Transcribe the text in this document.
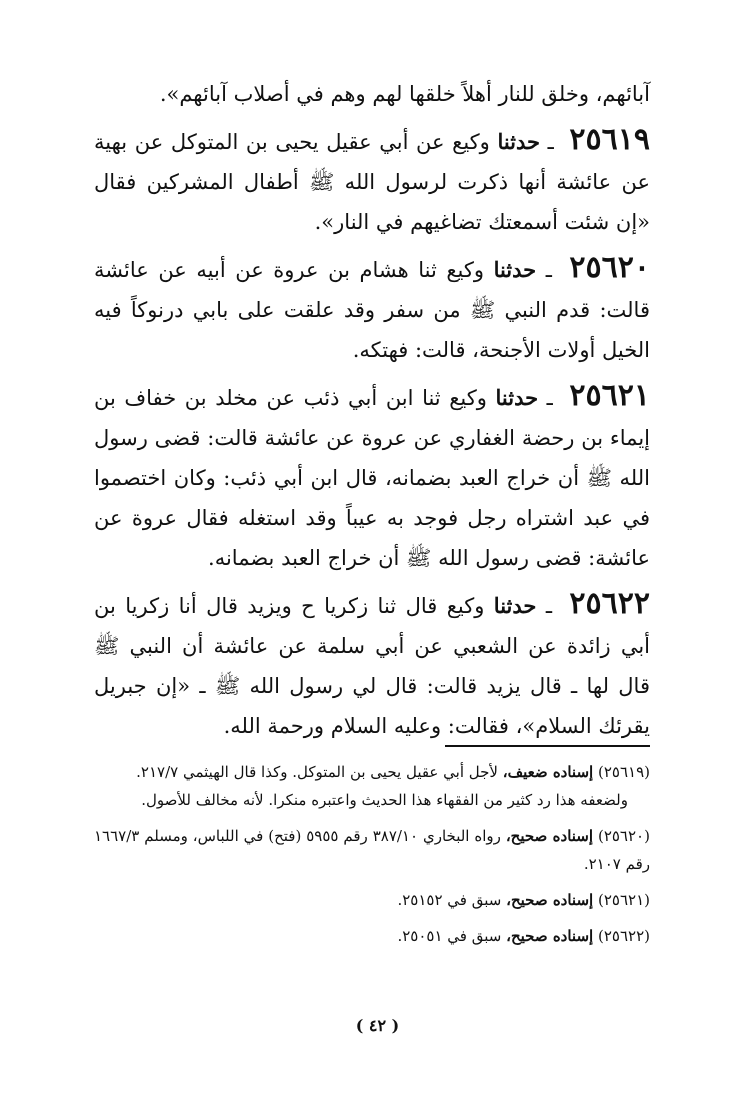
آبائهم، وخلق للنار أهلاً خلقها لهم وهم في أصلاب آبائهم».

٢٥٦١٩ ـ حدثنا وكيع عن أبي عقيل يحيى بن المتوكل عن بهية عن عائشة أنها ذكرت لرسول الله ﷺ أطفال المشركين فقال «إن شئت أسمعتك تضاغيهم في النار».

٢٥٦٢٠ ـ حدثنا وكيع ثنا هشام بن عروة عن أبيه عن عائشة قالت: قدم النبي ﷺ من سفر وقد علقت على بابي درنوكاً فيه الخيل أولات الأجنحة، قالت: فهتكه.

٢٥٦٢١ ـ حدثنا وكيع ثنا ابن أبي ذئب عن مخلد بن خفاف بن إيماء بن رحضة الغفاري عن عروة عن عائشة قالت: قضى رسول الله ﷺ أن خراج العبد بضمانه، قال ابن أبي ذئب: وكان اختصموا في عبد اشتراه رجل فوجد به عيباً وقد استغله فقال عروة عن عائشة: قضى رسول الله ﷺ أن خراج العبد بضمانه.

٢٥٦٢٢ ـ حدثنا وكيع قال ثنا زكريا ح ويزيد قال أنا زكريا بن أبي زائدة عن الشعبي عن أبي سلمة عن عائشة أن النبي ﷺ قال لها ـ قال يزيد قالت: قال لي رسول الله ﷺ ـ «إن جبريل يقرئك السلام»، فقالت: وعليه السلام ورحمة الله.

(٢٥٦١٩) إسناده ضعيف، لأجل أبي عقيل يحيى بن المتوكل. وكذا قال الهيثمي ٢١٧/٧.
ولضعفه هذا رد كثير من الفقهاء هذا الحديث واعتبره منكرا. لأنه مخالف للأصول.

(٢٥٦٢٠) إسناده صحيح، رواه البخاري ٣٨٧/١٠ رقم ٥٩٥٥ (فتح) في اللباس، ومسلم ١٦٦٧/٣ رقم ٢١٠٧.

(٢٥٦٢١) إسناده صحيح، سبق في ٢٥١٥٢.

(٢٥٦٢٢) إسناده صحيح، سبق في ٢٥٠٥١.

( ٤٢ )
